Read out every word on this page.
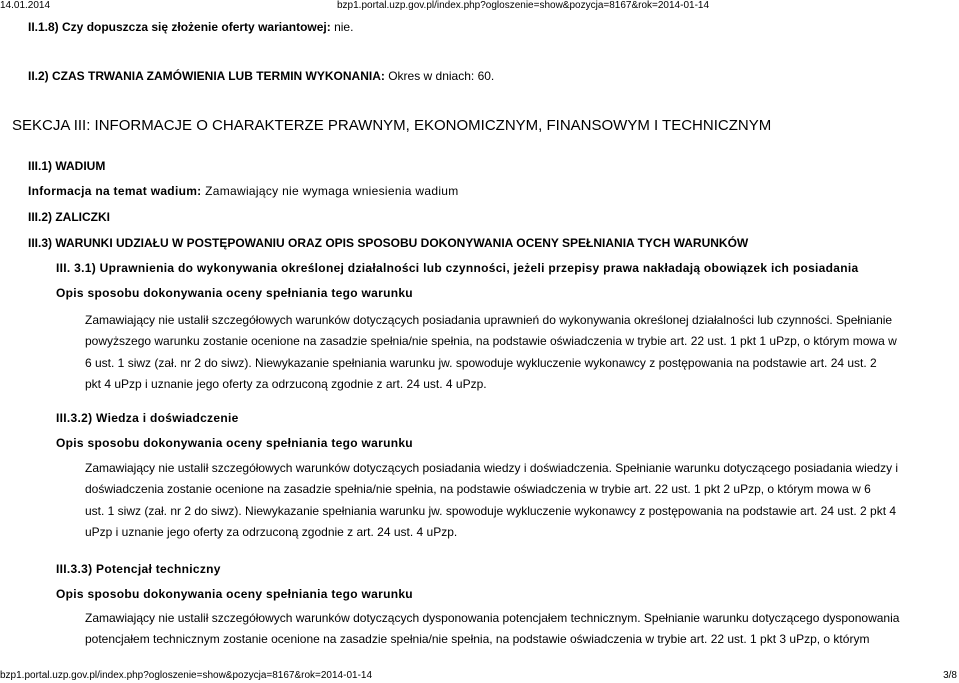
14.01.2014	bzp1.portal.uzp.gov.pl/index.php?ogloszenie=show&pozycja=8167&rok=2014-01-14
II.1.8) Czy dopuszcza się złożenie oferty wariantowej: nie.
II.2) CZAS TRWANIA ZAMÓWIENIA LUB TERMIN WYKONANIA: Okres w dniach: 60.
SEKCJA III: INFORMACJE O CHARAKTERZE PRAWNYM, EKONOMICZNYM, FINANSOWYM I TECHNICZNYM
III.1) WADIUM
Informacja na temat wadium: Zamawiający nie wymaga wniesienia wadium
III.2) ZALICZKI
III.3) WARUNKI UDZIAŁU W POSTĘPOWANIU ORAZ OPIS SPOSOBU DOKONYWANIA OCENY SPEŁNIANIA TYCH WARUNKÓW
III. 3.1) Uprawnienia do wykonywania określonej działalności lub czynności, jeżeli przepisy prawa nakładają obowiązek ich posiadania
Opis sposobu dokonywania oceny spełniania tego warunku
Zamawiający nie ustalił szczegółowych warunków dotyczących posiadania uprawnień do wykonywania określonej działalności lub czynności. Spełnianie
powyższego warunku zostanie ocenione na zasadzie spełnia/nie spełnia, na podstawie oświadczenia w trybie art. 22 ust. 1 pkt 1 uPzp, o którym mowa w
6 ust. 1 siwz (zał. nr 2 do siwz). Niewykazanie spełniania warunku jw. spowoduje wykluczenie wykonawcy z postępowania na podstawie art. 24 ust. 2
pkt 4 uPzp i uznanie jego oferty za odrzuconą zgodnie z art. 24 ust. 4 uPzp.
III.3.2) Wiedza i doświadczenie
Opis sposobu dokonywania oceny spełniania tego warunku
Zamawiający nie ustalił szczegółowych warunków dotyczących posiadania wiedzy i doświadczenia. Spełnianie warunku dotyczącego posiadania wiedzy i
doświadczenia zostanie ocenione na zasadzie spełnia/nie spełnia, na podstawie oświadczenia w trybie art. 22 ust. 1 pkt 2 uPzp, o którym mowa w 6
ust. 1 siwz (zał. nr 2 do siwz). Niewykazanie spełniania warunku jw. spowoduje wykluczenie wykonawcy z postępowania na podstawie art. 24 ust. 2 pkt 4
uPzp i uznanie jego oferty za odrzuconą zgodnie z art. 24 ust. 4 uPzp.
III.3.3) Potencjał techniczny
Opis sposobu dokonywania oceny spełniania tego warunku
Zamawiający nie ustalił szczegółowych warunków dotyczących dysponowania potencjałem technicznym. Spełnianie warunku dotyczącego dysponowania
potencjałem technicznym zostanie ocenione na zasadzie spełnia/nie spełnia, na podstawie oświadczenia w trybie art. 22 ust. 1 pkt 3 uPzp, o którym
bzp1.portal.uzp.gov.pl/index.php?ogloszenie=show&pozycja=8167&rok=2014-01-14	3/8
